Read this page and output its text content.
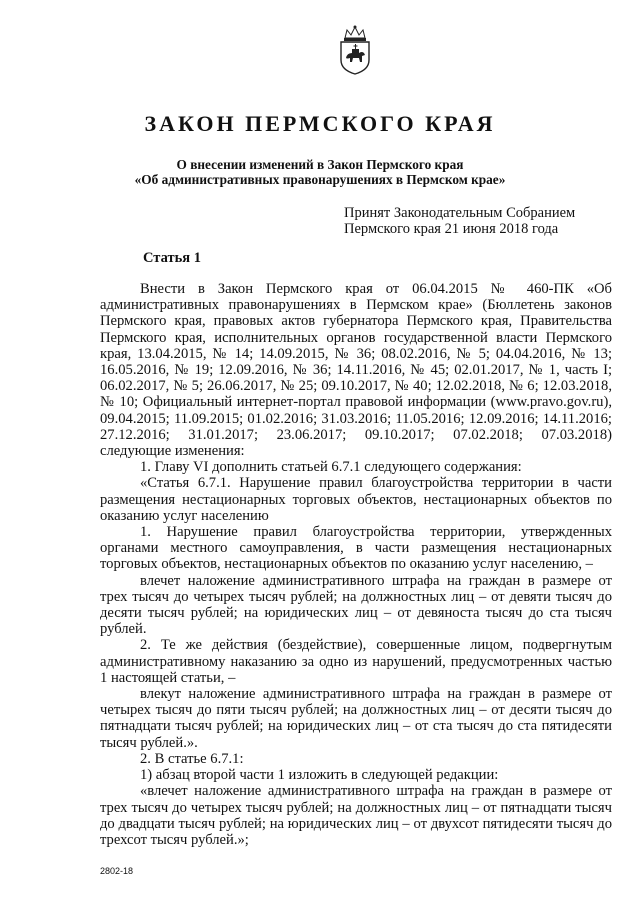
ЗАКОН ПЕРМСКОГО КРАЯ
О внесении изменений в Закон Пермского края
«Об административных правонарушениях в Пермском крае»
Принят Законодательным Собранием
Пермского края 21 июня 2018 года
Статья 1

Внести в Закон Пермского края от 06.04.2015 № 460-ПК «Об административных правонарушениях в Пермском крае» (Бюллетень законов Пермского края, правовых актов губернатора Пермского края, Правительства Пермского края, исполнительных органов государственной власти Пермского края, 13.04.2015, № 14; 14.09.2015, № 36; 08.02.2016, № 5; 04.04.2016, № 13; 16.05.2016, № 19; 12.09.2016, № 36; 14.11.2016, № 45; 02.01.2017, № 1, часть I; 06.02.2017, № 5; 26.06.2017, № 25; 09.10.2017, № 40; 12.02.2018, № 6; 12.03.2018, № 10; Официальный интернет-портал правовой информации (www.pravo.gov.ru), 09.04.2015; 11.09.2015; 01.02.2016; 31.03.2016; 11.05.2016; 12.09.2016; 14.11.2016; 27.12.2016; 31.01.2017; 23.06.2017; 09.10.2017; 07.02.2018; 07.03.2018) следующие изменения:

1. Главу VI дополнить статьей 6.7.1 следующего содержания:

«Статья 6.7.1. Нарушение правил благоустройства территории в части размещения нестационарных торговых объектов, нестационарных объектов по оказанию услуг населению

1. Нарушение правил благоустройства территории, утвержденных органами местного самоуправления, в части размещения нестационарных торговых объектов, нестационарных объектов по оказанию услуг населению, –

влечет наложение административного штрафа на граждан в размере от трех тысяч до четырех тысяч рублей; на должностных лиц – от девяти тысяч до десяти тысяч рублей; на юридических лиц – от девяноста тысяч до ста тысяч рублей.

2. Те же действия (бездействие), совершенные лицом, подвергнутым административному наказанию за одно из нарушений, предусмотренных частью 1 настоящей статьи, –

влекут наложение административного штрафа на граждан в размере от четырех тысяч до пяти тысяч рублей; на должностных лиц – от десяти тысяч до пятнадцати тысяч рублей; на юридических лиц – от ста тысяч до ста пятидесяти тысяч рублей.».

2. В статье 6.7.1:

1) абзац второй части 1 изложить в следующей редакции:

«влечет наложение административного штрафа на граждан в размере от трех тысяч до четырех тысяч рублей; на должностных лиц – от пятнадцати тысяч до двадцати тысяч рублей; на юридических лиц – от двухсот пятидесяти тысяч до трехсот тысяч рублей.»;

2802-18
